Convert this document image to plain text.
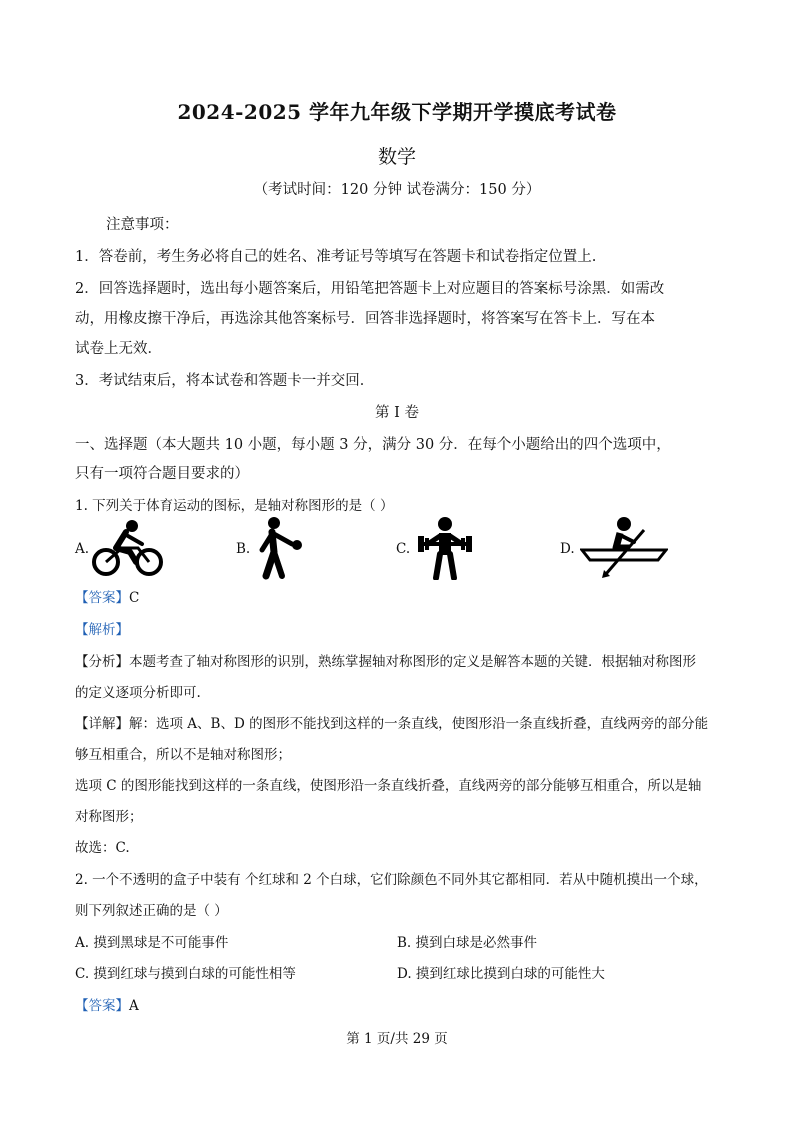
2024-2025 学年九年级下学期开学摸底考试卷
数学
（考试时间：120 分钟 试卷满分：150 分）
注意事项：
1．答卷前，考生务必将自己的姓名、准考证号等填写在答题卡和试卷指定位置上.
2．回答选择题时，选出每小题答案后，用铅笔把答题卡上对应题目的答案标号涂黑．如需改
动，用橡皮擦干净后，再选涂其他答案标号．回答非选择题时，将答案写在答卡上．写在本
试卷上无效．
3．考试结束后，将本试卷和答题卡一并交回．
第 I 卷
一、选择题（本大题共 10 小题，每小题 3 分，满分 30 分．在每个小题给出的四个选项中，
只有一项符合题目要求的）
1. 下列关于体育运动的图标，是轴对称图形的是（ ）
A.	B.	C.	D.
【答案】C
【解析】
【分析】本题考查了轴对称图形的识别，熟练掌握轴对称图形的定义是解答本题的关键．根据轴对称图形
的定义逐项分析即可.
【详解】解：选项 A、B、D 的图形不能找到这样的一条直线，使图形沿一条直线折叠，直线两旁的部分能
够互相重合，所以不是轴对称图形；
选项 C 的图形能找到这样的一条直线，使图形沿一条直线折叠，直线两旁的部分能够互相重合，所以是轴
对称图形；
故选：C.
2. 一个不透明的盒子中装有 个红球和 2 个白球，它们除颜色不同外其它都相同．若从中随机摸出一个球，
则下列叙述正确的是（ ）
A. 摸到黑球是不可能事件	B. 摸到白球是必然事件
C. 摸到红球与摸到白球的可能性相等	D. 摸到红球比摸到白球的可能性大
【答案】A
第 1 页/共 29 页
